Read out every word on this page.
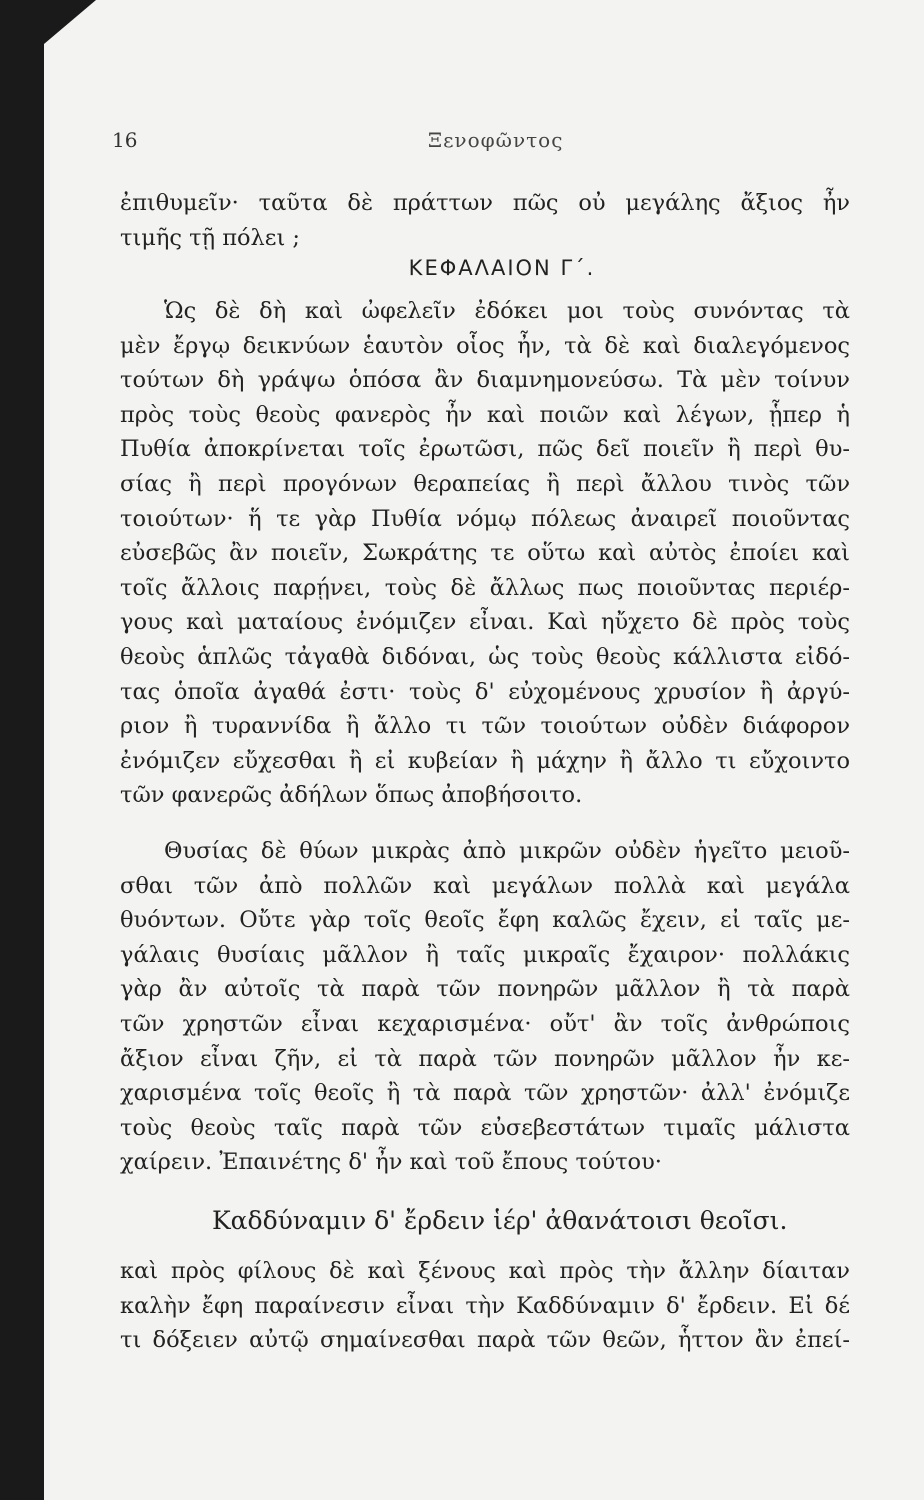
16	Ξενοφῶντος
ἐπιθυμεῖν· ταῦτα δὲ πράττων πῶς οὐ μεγάλης ἄξιος ἦν
τιμῆς τῇ πόλει ;
ΚΕΦΑΛΑΙΟΝ Γ΄.
Ὡς δὲ δὴ καὶ ὠφελεῖν ἐδόκει μοι τοὺς συνόντας τὰ
μὲν ἔργῳ δεικνύων ἑαυτὸν οἷος ἦν, τὰ δὲ καὶ διαλεγόμενος
τούτων δὴ γράψω ὁπόσα ἂν διαμνημονεύσω. Τὰ μὲν τοίνυν
πρὸς τοὺς θεοὺς φανερὸς ἦν καὶ ποιῶν καὶ λέγων, ᾗπερ ἡ
Πυθία ἀποκρίνεται τοῖς ἐρωτῶσι, πῶς δεῖ ποιεῖν ἢ περὶ θυ-
σίας ἢ περὶ προγόνων θεραπείας ἢ περὶ ἄλλου τινὸς τῶν
τοιούτων· ἥ τε γὰρ Πυθία νόμῳ πόλεως ἀναιρεῖ ποιοῦντας
εὐσεβῶς ἂν ποιεῖν, Σωκράτης τε οὕτω καὶ αὐτὸς ἐποίει καὶ
τοῖς ἄλλοις παρῄνει, τοὺς δὲ ἄλλως πως ποιοῦντας περιέρ-
γους καὶ ματαίους ἐνόμιζεν εἶναι. Καὶ ηὔχετο δὲ πρὸς τοὺς
θεοὺς ἁπλῶς τἀγαθὰ διδόναι, ὡς τοὺς θεοὺς κάλλιστα εἰδό-
τας ὁποῖα ἀγαθά ἐστι· τοὺς δ' εὐχομένους χρυσίον ἢ ἀργύ-
ριον ἢ τυραννίδα ἢ ἄλλο τι τῶν τοιούτων οὐδὲν διάφορον
ἐνόμιζεν εὔχεσθαι ἢ εἰ κυβείαν ἢ μάχην ἢ ἄλλο τι εὔχοιντο
τῶν φανερῶς ἀδήλων ὅπως ἀποβήσοιτο.
Θυσίας δὲ θύων μικρὰς ἀπὸ μικρῶν οὐδὲν ἡγεῖτο μειοῦ-
σθαι τῶν ἀπὸ πολλῶν καὶ μεγάλων πολλὰ καὶ μεγάλα
θυόντων. Οὔτε γὰρ τοῖς θεοῖς ἔφη καλῶς ἔχειν, εἰ ταῖς με-
γάλαις θυσίαις μᾶλλον ἢ ταῖς μικραῖς ἔχαιρον· πολλάκις
γὰρ ἂν αὐτοῖς τὰ παρὰ τῶν πονηρῶν μᾶλλον ἢ τὰ παρὰ
τῶν χρηστῶν εἶναι κεχαρισμένα· οὔτ' ἂν τοῖς ἀνθρώποις
ἄξιον εἶναι ζῆν, εἰ τὰ παρὰ τῶν πονηρῶν μᾶλλον ἦν κε-
χαρισμένα τοῖς θεοῖς ἢ τὰ παρὰ τῶν χρηστῶν· ἀλλ' ἐνόμιζε
τοὺς θεοὺς ταῖς παρὰ τῶν εὐσεβεστάτων τιμαῖς μάλιστα
χαίρειν. Ἐπαινέτης δ' ἦν καὶ τοῦ ἔπους τούτου·
Καδδύναμιν δ' ἔρδειν ἱέρ' ἀθανάτοισι θεοῖσι.
καὶ πρὸς φίλους δὲ καὶ ξένους καὶ πρὸς τὴν ἄλλην δίαιταν
καλὴν ἔφη παραίνεσιν εἶναι τὴν Καδδύναμιν δ' ἔρδειν. Εἰ δέ
τι δόξειεν αὐτῷ σημαίνεσθαι παρὰ τῶν θεῶν, ἧττον ἂν ἐπεί-
